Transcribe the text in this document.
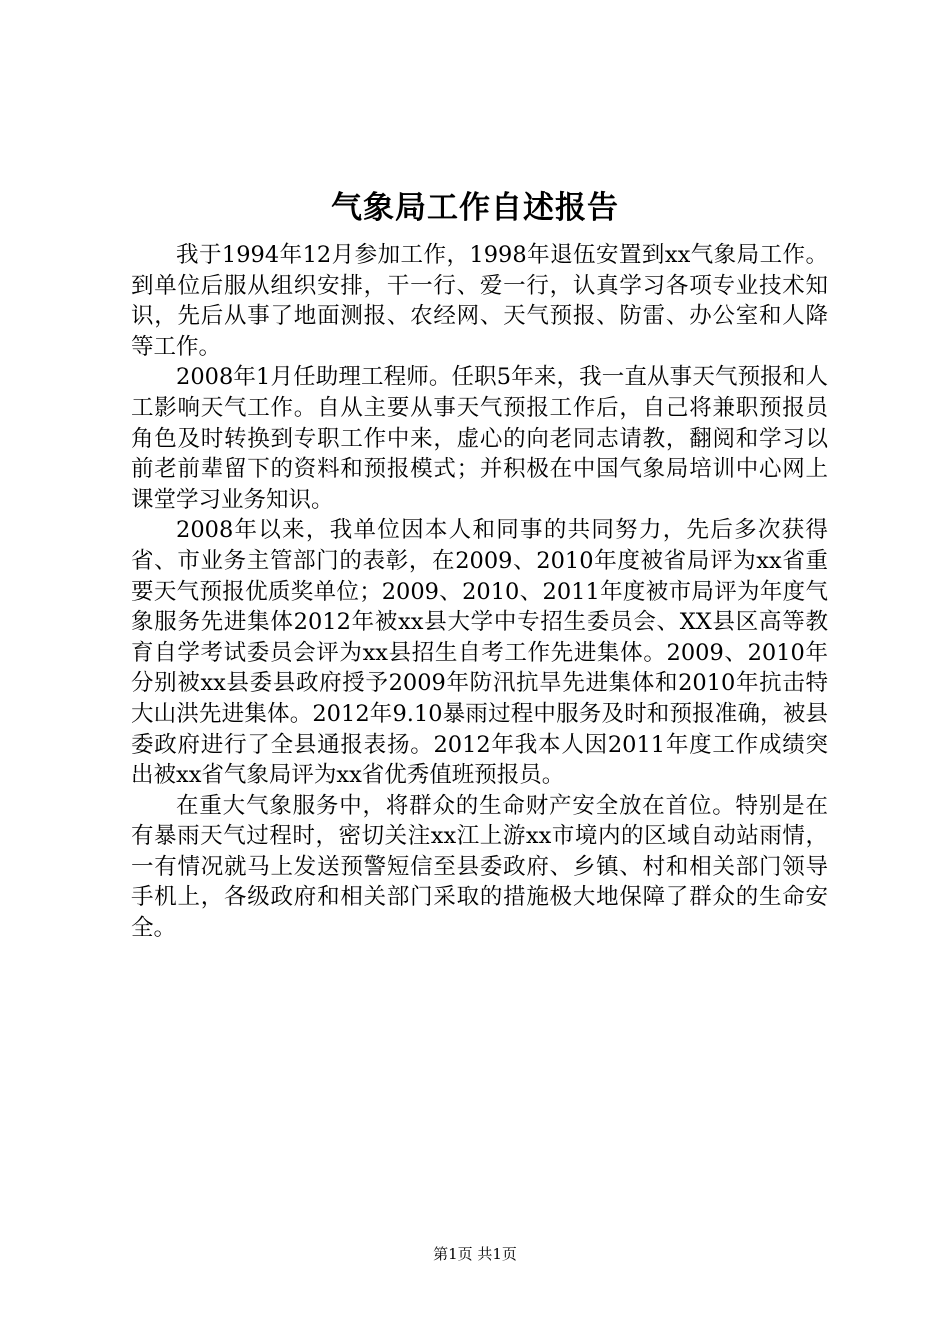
气象局工作自述报告

我于1994年12月参加工作，1998年退伍安置到xx气象局工作。到单位后服从组织安排，干一行、爱一行，认真学习各项专业技术知识，先后从事了地面测报、农经网、天气预报、防雷、办公室和人降等工作。

2008年1月任助理工程师。任职5年来，我一直从事天气预报和人工影响天气工作。自从主要从事天气预报工作后，自己将兼职预报员角色及时转换到专职工作中来，虚心的向老同志请教，翻阅和学习以前老前辈留下的资料和预报模式；并积极在中国气象局培训中心网上课堂学习业务知识。

2008年以来，我单位因本人和同事的共同努力，先后多次获得省、市业务主管部门的表彰，在2009、2010年度被省局评为xx省重要天气预报优质奖单位；2009、2010、2011年度被市局评为年度气象服务先进集体2012年被xx县大学中专招生委员会、XX县区高等教育自学考试委员会评为xx县招生自考工作先进集体。2009、2010年分别被xx县委县政府授予2009年防汛抗旱先进集体和2010年抗击特大山洪先进集体。2012年9.10暴雨过程中服务及时和预报准确，被县委政府进行了全县通报表扬。2012年我本人因2011年度工作成绩突出被xx省气象局评为xx省优秀值班预报员。

在重大气象服务中，将群众的生命财产安全放在首位。特别是在有暴雨天气过程时，密切关注xx江上游xx市境内的区域自动站雨情，一有情况就马上发送预警短信至县委政府、乡镇、村和相关部门领导手机上，各级政府和相关部门采取的措施极大地保障了群众的生命安全。

第1页 共1页
